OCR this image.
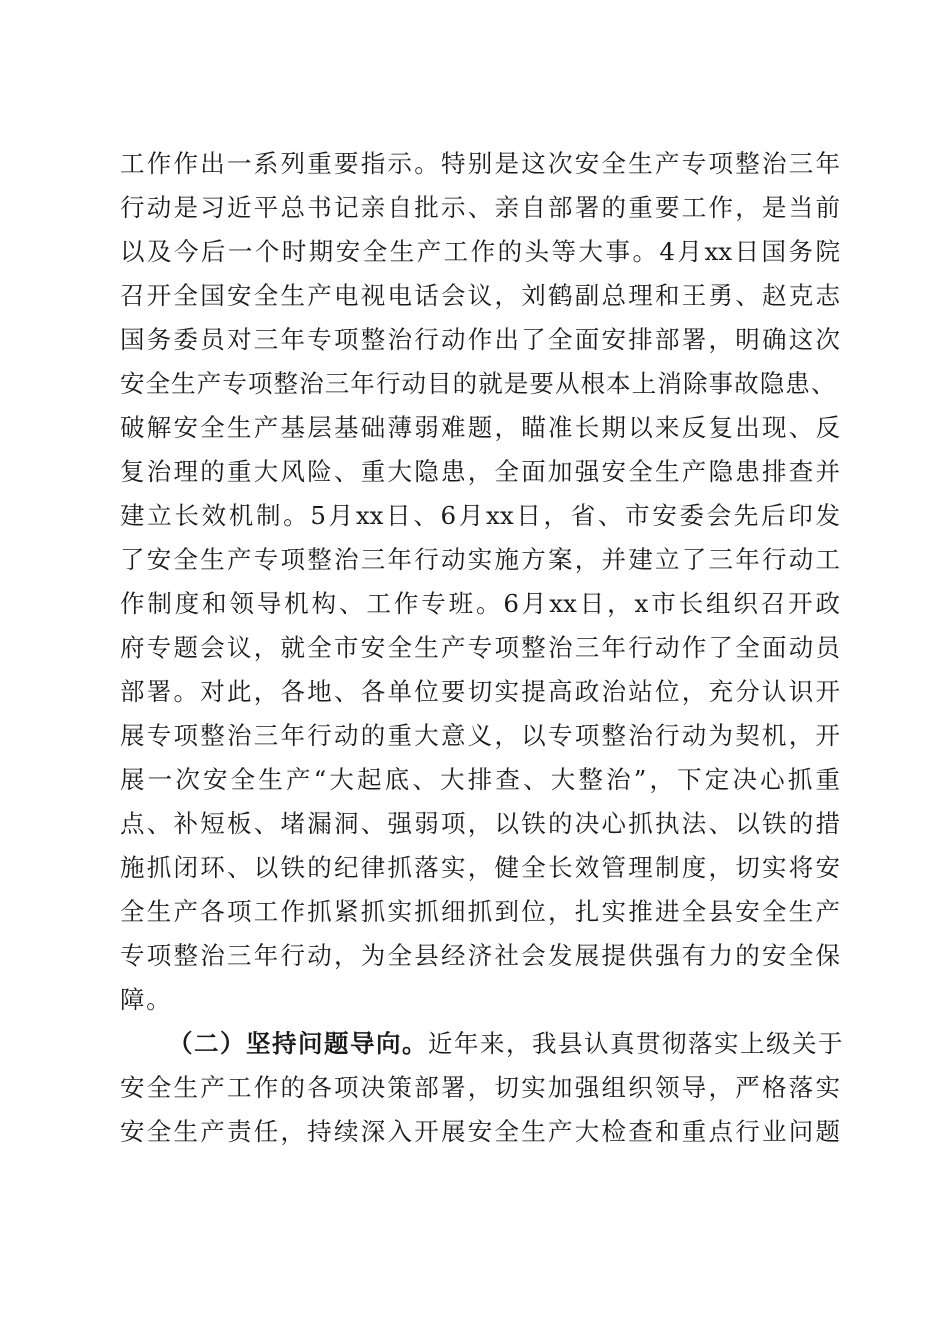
工作作出一系列重要指示。特别是这次安全生产专项整治三年
行动是习近平总书记亲自批示、亲自部署的重要工作，是当前
以及今后一个时期安全生产工作的头等大事。4月xx日国务院
召开全国安全生产电视电话会议，刘鹤副总理和王勇、赵克志
国务委员对三年专项整治行动作出了全面安排部署，明确这次
安全生产专项整治三年行动目的就是要从根本上消除事故隐患、
破解安全生产基层基础薄弱难题，瞄准长期以来反复出现、反
复治理的重大风险、重大隐患，全面加强安全生产隐患排查并
建立长效机制。5月xx日、6月xx日，省、市安委会先后印发
了安全生产专项整治三年行动实施方案，并建立了三年行动工
作制度和领导机构、工作专班。6月xx日，x市长组织召开政
府专题会议，就全市安全生产专项整治三年行动作了全面动员
部署。对此，各地、各单位要切实提高政治站位，充分认识开
展专项整治三年行动的重大意义，以专项整治行动为契机，开
展一次安全生产“大起底、大排查、大整治”，下定决心抓重
点、补短板、堵漏洞、强弱项，以铁的决心抓执法、以铁的措
施抓闭环、以铁的纪律抓落实，健全长效管理制度，切实将安
全生产各项工作抓紧抓实抓细抓到位，扎实推进全县安全生产
专项整治三年行动，为全县经济社会发展提供强有力的安全保
障。
（二）坚持问题导向。近年来，我县认真贯彻落实上级关于
安全生产工作的各项决策部署，切实加强组织领导，严格落实
安全生产责任，持续深入开展安全生产大检查和重点行业问题
